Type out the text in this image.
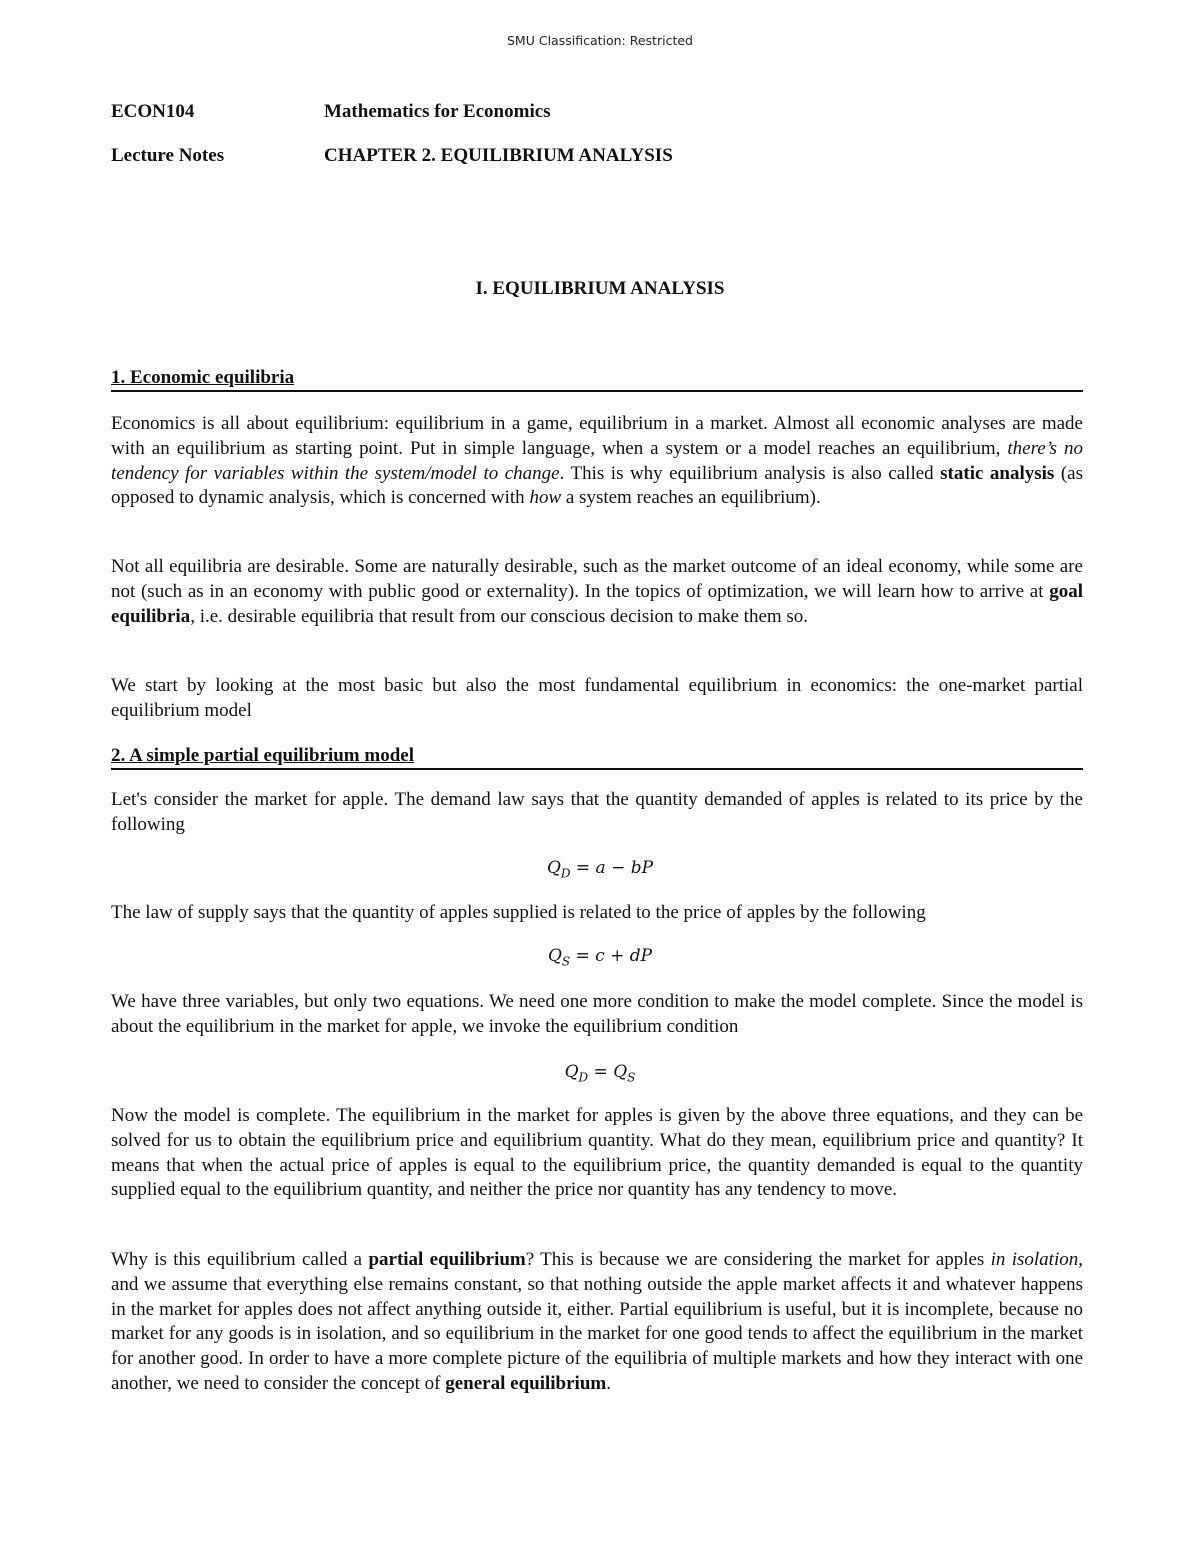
SMU Classification: Restricted
ECON104	Mathematics for Economics
Lecture Notes	CHAPTER 2. EQUILIBRIUM ANALYSIS
I. EQUILIBRIUM ANALYSIS
1. Economic equilibria

Economics is all about equilibrium: equilibrium in a game, equilibrium in a market. Almost all economic analyses are made with an equilibrium as starting point. Put in simple language, when a system or a model reaches an equilibrium, there’s no tendency for variables within the system/model to change. This is why equilibrium analysis is also called static analysis (as opposed to dynamic analysis, which is concerned with how a system reaches an equilibrium).

Not all equilibria are desirable. Some are naturally desirable, such as the market outcome of an ideal economy, while some are not (such as in an economy with public good or externality). In the topics of optimization, we will learn how to arrive at goal equilibria, i.e. desirable equilibria that result from our conscious decision to make them so.

We start by looking at the most basic but also the most fundamental equilibrium in economics: the one-market partial equilibrium model

2. A simple partial equilibrium model

Let's consider the market for apple. The demand law says that the quantity demanded of apples is related to its price by the following

$Q_D = a$ − bP

The law of supply says that the quantity of apples supplied is related to the price of apples by the following

$Q_S = c$ + dP

We have three variables, but only two equations. We need one more condition to make the model complete. Since the model is about the equilibrium in the market for apple, we invoke the equilibrium condition

$Q_D = Q_S$

Now the model is complete. The equilibrium in the market for apples is given by the above three equations, and they can be solved for us to obtain the equilibrium price and equilibrium quantity. What do they mean, equilibrium price and quantity? It means that when the actual price of apples is equal to the equilibrium price, the quantity demanded is equal to the quantity supplied equal to the equilibrium quantity, and neither the price nor quantity has any tendency to move.

Why is this equilibrium called a partial equilibrium? This is because we are considering the market for apples in isolation, and we assume that everything else remains constant, so that nothing outside the apple market affects it and whatever happens in the market for apples does not affect anything outside it, either. Partial equilibrium is useful, but it is incomplete, because no market for any goods is in isolation, and so equilibrium in the market for one good tends to affect the equilibrium in the market for another good. In order to have a more complete picture of the equilibria of multiple markets and how they interact with one another, we need to consider the concept of general equilibrium.
